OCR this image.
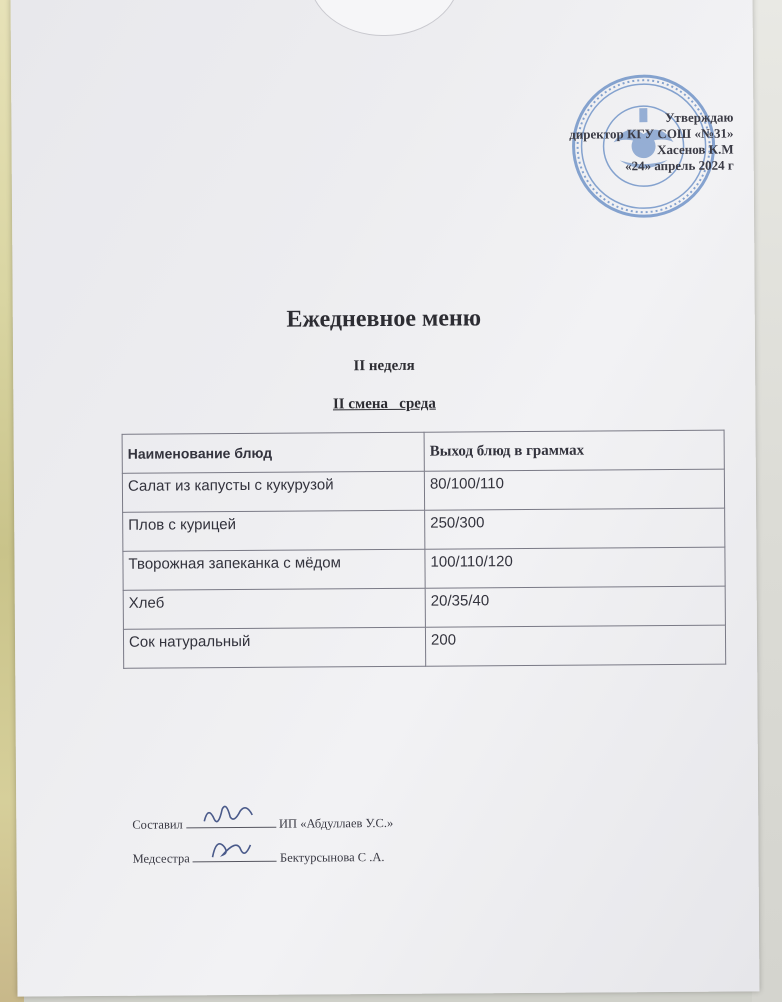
Утверждаю
директор КГУ СОШ «№31»
Хасенов К.М
«24» апрель 2024 г
Ежедневное меню
II неделя
II смена   среда
Наименование блюд	Выход блюд в граммах
Салат из капусты с кукурузой	80/100/110
Плов с курицей	250/300
Творожная запеканка с мёдом	100/110/120
Хлеб	20/35/40
Сок натуральный	200
Составил	ИП «Абдуллаев У.С.»
Медсестра	Бектурсынова С .А.
